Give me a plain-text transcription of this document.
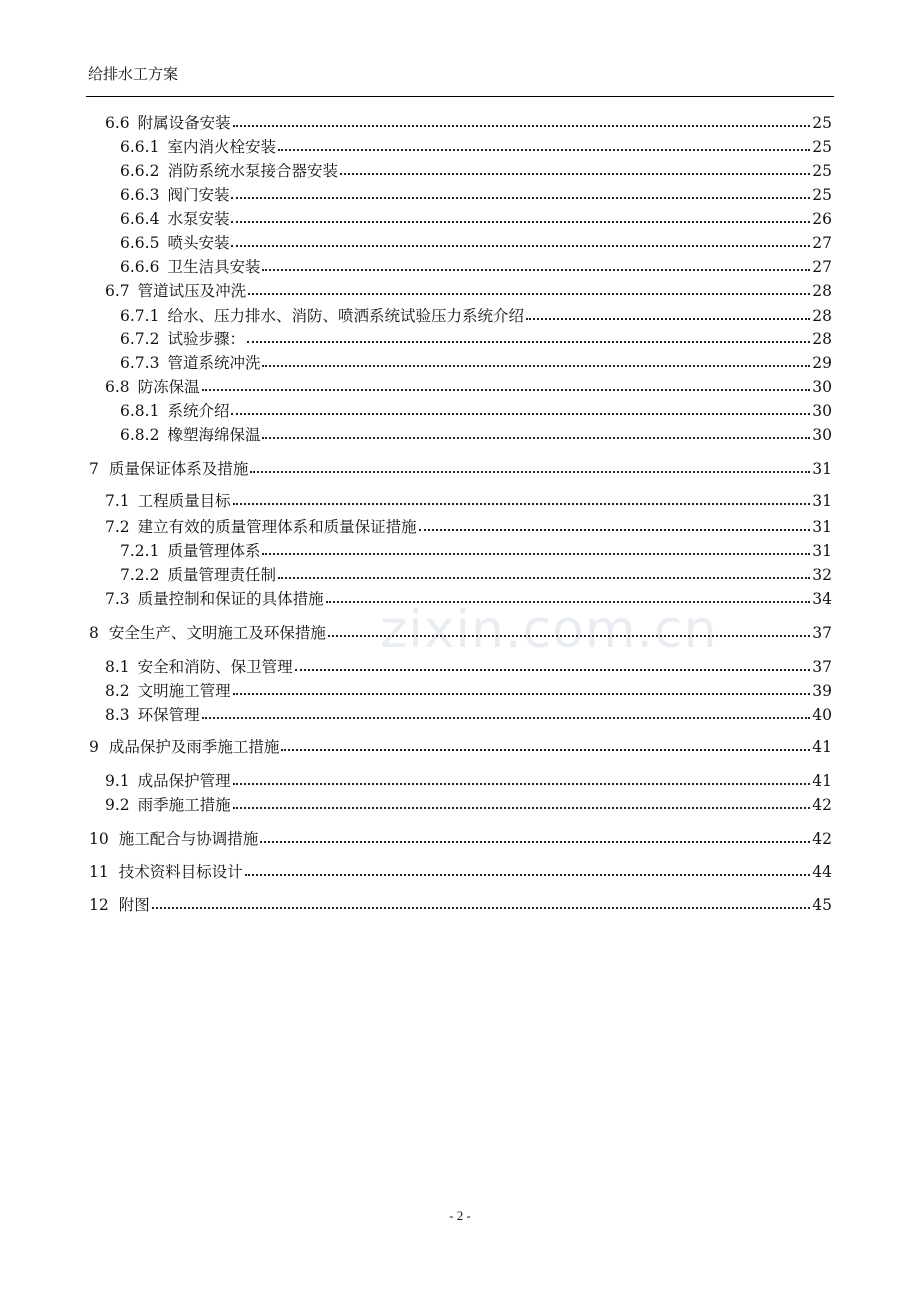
给排水工方案
zixin.com.cn
6.6 附属设备安装	25
6.6.1 室内消火栓安装	25
6.6.2 消防系统水泵接合器安装	25
6.6.3 阀门安装	25
6.6.4 水泵安装	26
6.6.5 喷头安装	27
6.6.6 卫生洁具安装	27
6.7 管道试压及冲洗	28
6.7.1 给水、压力排水、消防、喷洒系统试验压力系统介绍	28
6.7.2 试验步骤：	28
6.7.3 管道系统冲洗	29
6.8 防冻保温	30
6.8.1 系统介绍	30
6.8.2 橡塑海绵保温	30
7 质量保证体系及措施	31
7.1 工程质量目标	31
7.2 建立有效的质量管理体系和质量保证措施	31
7.2.1 质量管理体系	31
7.2.2 质量管理责任制	32
7.3 质量控制和保证的具体措施	34
8 安全生产、文明施工及环保措施	37
8.1 安全和消防、保卫管理	37
8.2 文明施工管理	39
8.3 环保管理	40
9 成品保护及雨季施工措施	41
9.1 成品保护管理	41
9.2 雨季施工措施	42
10 施工配合与协调措施	42
11 技术资料目标设计	44
12 附图	45
- 2 -
